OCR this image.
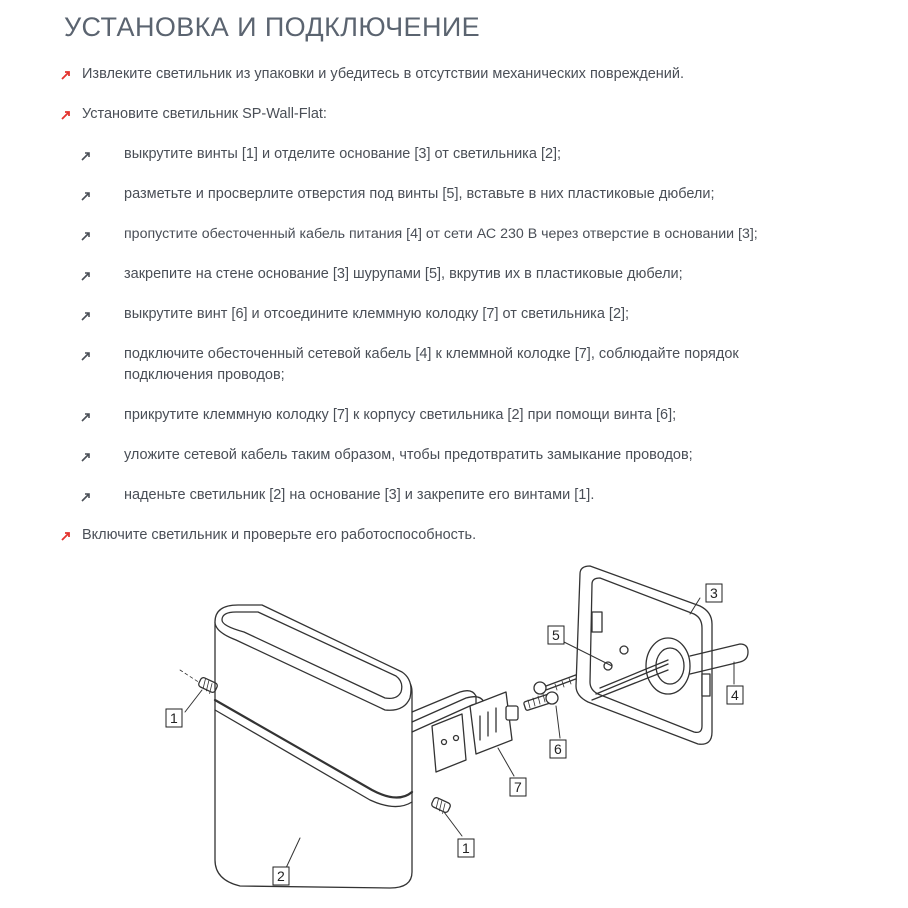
УСТАНОВКА И ПОДКЛЮЧЕНИЕ
Извлеките светильник из упаковки и убедитесь в отсутствии механических повреждений.
Установите светильник SP-Wall-Flat:
выкрутите винты [1] и отделите основание [3] от светильника [2];
разметьте и просверлите отверстия под винты [5], вставьте в них пластиковые дюбели;
пропустите обесточенный кабель питания [4] от сети АС 230 В через отверстие в основании [3];
закрепите на стене основание [3] шурупами [5], вкрутив их в пластиковые дюбели;
выкрутите винт [6] и отсоедините клеммную колодку [7] от светильника [2];
подключите обесточенный сетевой кабель [4] к клеммной колодке [7], соблюдайте порядок
подключения проводов;
прикрутите клеммную колодку [7] к корпусу светильника [2] при помощи винта [6];
уложите сетевой кабель таким образом, чтобы предотвратить замыкание проводов;
наденьте светильник [2] на основание [3] и закрепите его винтами [1].
Включите светильник и проверьте его работоспособность.
1
1
2
3
4
5
6
7
